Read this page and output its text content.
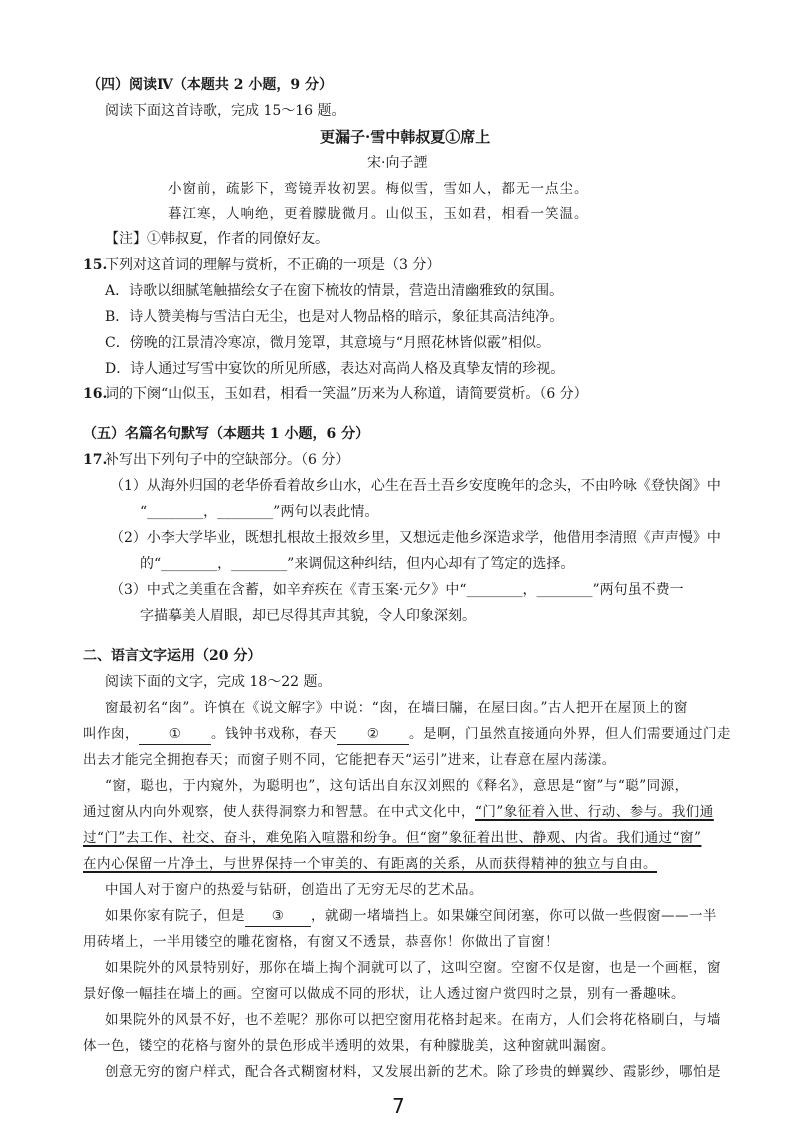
（四）阅读Ⅳ（本题共 2 小题，9 分）
阅读下面这首诗歌，完成 15～16 题。
更漏子·雪中韩叔夏①席上
宋·向子諲
小窗前，疏影下，鸾镜弄妆初罢。梅似雪，雪如人，都无一点尘。
暮江寒，人响绝，更着朦胧微月。山似玉，玉如君，相看一笑温。
【注】①韩叔夏，作者的同僚好友。
15.
下列对这首词的理解与赏析，不正确的一项是（3 分）
A．诗歌以细腻笔触描绘女子在窗下梳妆的情景，营造出清幽雅致的氛围。
B．诗人赞美梅与雪洁白无尘，也是对人物品格的暗示，象征其高洁纯净。
C．傍晚的江景清冷寒凉，微月笼罩，其意境与“月照花林皆似霰”相似。
D．诗人通过写雪中宴饮的所见所感，表达对高尚人格及真挚友情的珍视。
16.
词的下阕“山似玉，玉如君，相看一笑温”历来为人称道，请简要赏析。（6 分）
（五）名篇名句默写（本题共 1 小题，6 分）
17.
补写出下列句子中的空缺部分。（6 分）
（1）从海外归国的老华侨看着故乡山水，心生在吾土吾乡安度晚年的念头，不由吟咏《登快阁》中
“________，________”两句以表此情。
（2）小李大学毕业，既想扎根故土报效乡里，又想远走他乡深造求学，他借用李清照《声声慢》中
的“________，________”来调侃这种纠结，但内心却有了笃定的选择。
（3）中式之美重在含蓄，如辛弃疾在《青玉案·元夕》中“________，________”两句虽不费一
字描摹美人眉眼，却已尽得其声其貌，令人印象深刻。
二、语言文字运用（20 分）
阅读下面的文字，完成 18～22 题。
窗最初名“囱”。许慎在《说文解字》中说：“囱，在墙曰牖，在屋曰囱。”古人把开在屋顶上的窗
叫作囱， ① 。钱钟书戏称，春天 ② 。是啊，门虽然直接通向外界，但人们需要通过门走
出去才能完全拥抱春天；而窗子则不同，它能把春天“运引”进来，让春意在屋内荡漾。
“窗，聪也，于内窥外，为聪明也”，这句话出自东汉刘熙的《释名》，意思是“窗”与“聪”同源，
通过窗从内向外观察，使人获得洞察力和智慧。在中式文化中，“门”象征着入世、行动、参与。我们通
过“门”去工作、社交、奋斗，难免陷入喧嚣和纷争。但“窗”象征着出世、静观、内省。我们通过“窗”
在内心保留一片净土，与世界保持一个审美的、有距离的关系，从而获得精神的独立与自由。
中国人对于窗户的热爱与钻研，创造出了无穷无尽的艺术品。
如果你家有院子，但是 ③ ，就砌一堵墙挡上。如果嫌空间闭塞，你可以做一些假窗——一半
用砖堵上，一半用镂空的雕花窗格，有窗又不透景，恭喜你！你做出了盲窗！
如果院外的风景特别好，那你在墙上掏个洞就可以了，这叫空窗。空窗不仅是窗，也是一个画框，窗
景好像一幅挂在墙上的画。空窗可以做成不同的形状，让人透过窗户赏四时之景，别有一番趣味。
如果院外的风景不好，也不差呢？那你可以把空窗用花格封起来。在南方，人们会将花格刷白，与墙
体一色，镂空的花格与窗外的景色形成半透明的效果，有种朦胧美，这种窗就叫漏窗。
创意无穷的窗户样式，配合各式糊窗材料，又发展出新的艺术。除了珍贵的蝉翼纱、霞影纱，哪怕是
7
